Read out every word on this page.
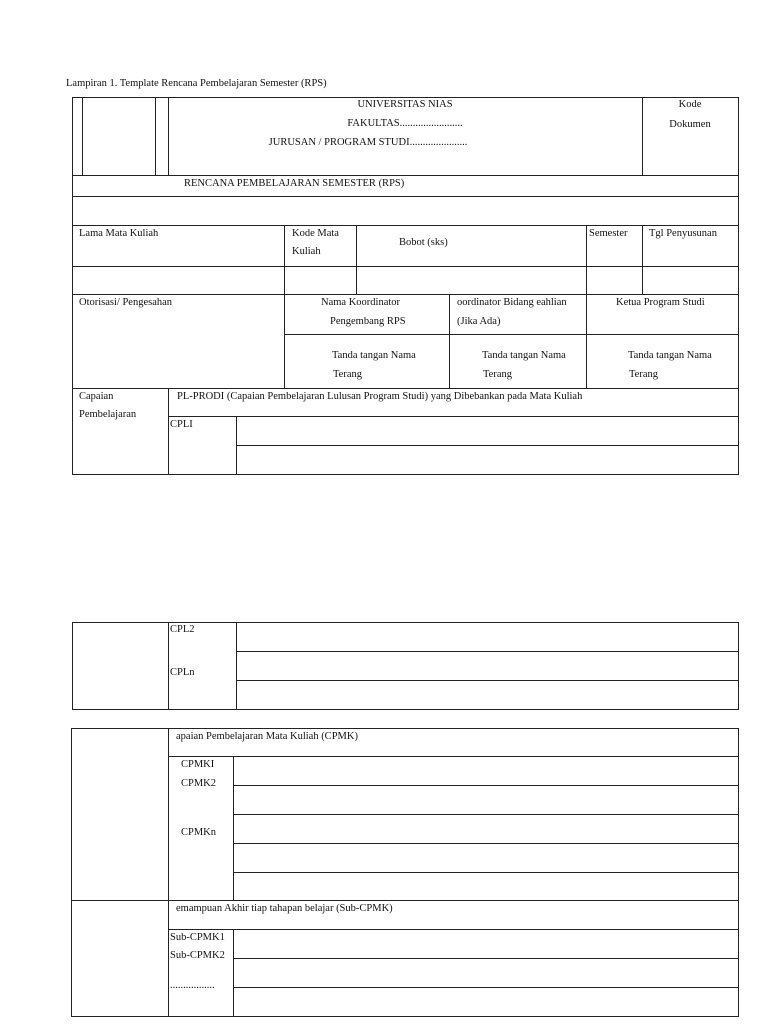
Lampiran 1. Template Rencana Pembelajaran Semester (RPS)
UNIVERSITAS NIAS
FAKULTAS........................
JURUSAN / PROGRAM STUDI......................
Kode
Dokumen
RENCANA PEMBELAJARAN SEMESTER (RPS)
Lama Mata Kuliah	Kode Mata
Kuliah
Bobot (sks)
Semester Tgl Penyusunan
Otorisasi/ Pengesahan	Nama Koordinator
Pengembang RPS
oordinator Bidang eahlian
(Jika Ada)
Ketua Program Studi
Tanda tangan Nama
Terang
Tanda tangan Nama
Terang
Tanda tangan Nama
Terang
Capaian
Pembelajaran
PL-PRODI (Capaian Pembelajaran Lulusan Program Studi) yang Dibebankan pada Mata Kuliah
CPLI
CPL2
CPLn
apaian Pembelajaran Mata Kuliah (CPMK)
CPMKI
CPMK2
CPMKn
emampuan Akhir tiap tahapan belajar (Sub-CPMK)
Sub-CPMK1
Sub-CPMK2
.................
